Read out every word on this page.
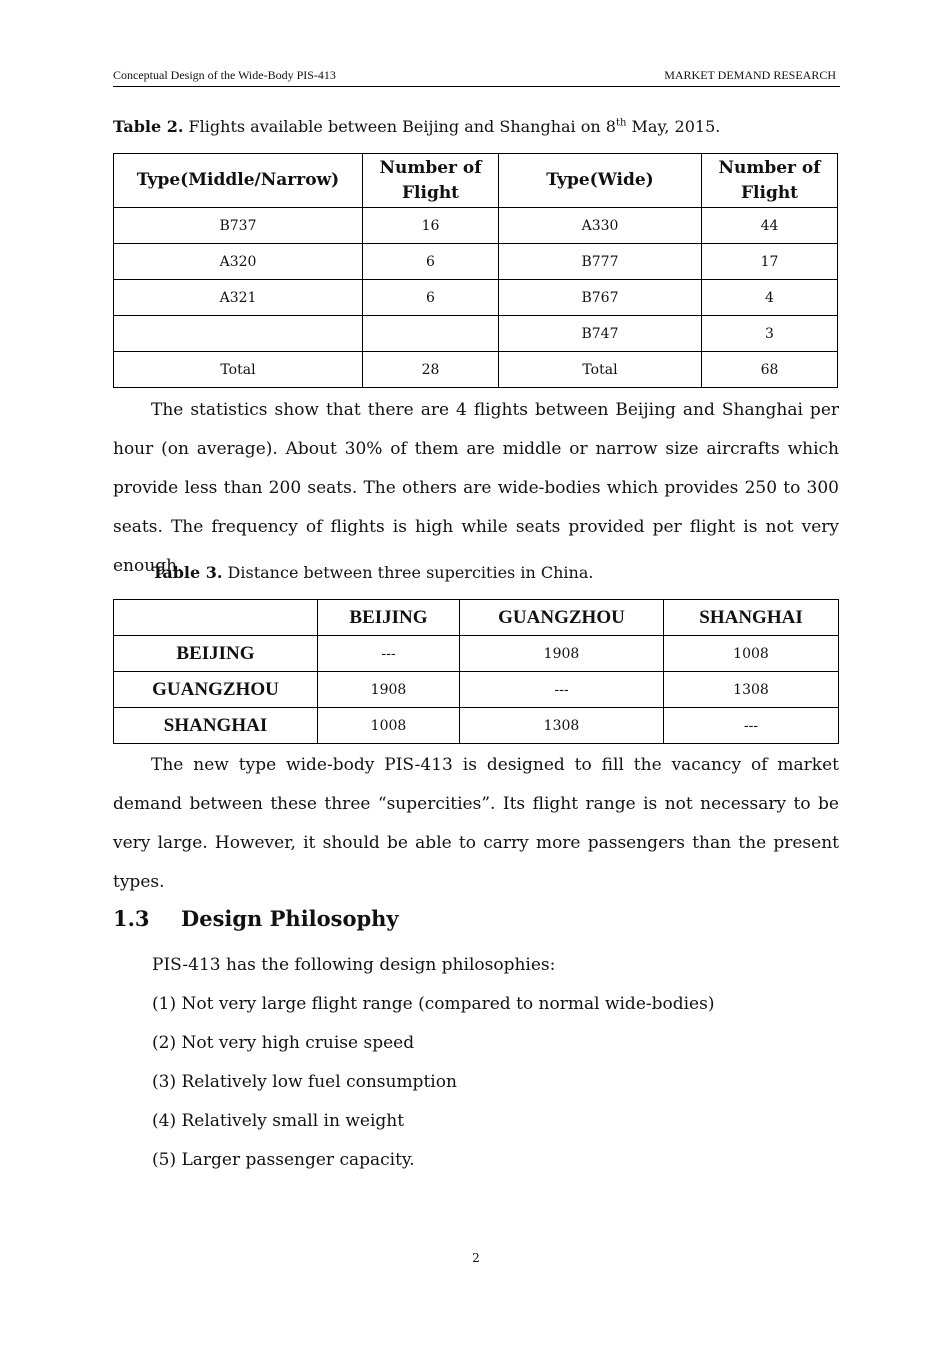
Conceptual Design of the Wide-Body PIS-413	MARKET DEMAND RESEARCH
Table 2. Flights available between Beijing and Shanghai on 8th May, 2015.
Type(Middle/Narrow)	Number of Flight	Type(Wide)	Number of Flight
B737	16	A330	44
A320	6	B777	17
A321	6	B767	4
		B747	3
Total	28	Total	68

The statistics show that there are 4 flights between Beijing and Shanghai per hour (on average). About 30% of them are middle or narrow size aircrafts which provide less than 200 seats. The others are wide-bodies which provides 250 to 300 seats. The frequency of flights is high while seats provided per flight is not very enough.

Table 3. Distance between three supercities in China.
	BEIJING	GUANGZHOU	SHANGHAI
BEIJING	---	1908	1008
GUANGZHOU	1908	---	1308
SHANGHAI	1008	1308	---

The new type wide-body PIS-413 is designed to fill the vacancy of market demand between these three “supercities”. Its flight range is not necessary to be very large. However, it should be able to carry more passengers than the present types.

1.3 Design Philosophy
PIS-413 has the following design philosophies:
(1) Not very large flight range (compared to normal wide-bodies)
(2) Not very high cruise speed
(3) Relatively low fuel consumption
(4) Relatively small in weight
(5) Larger passenger capacity.
2
